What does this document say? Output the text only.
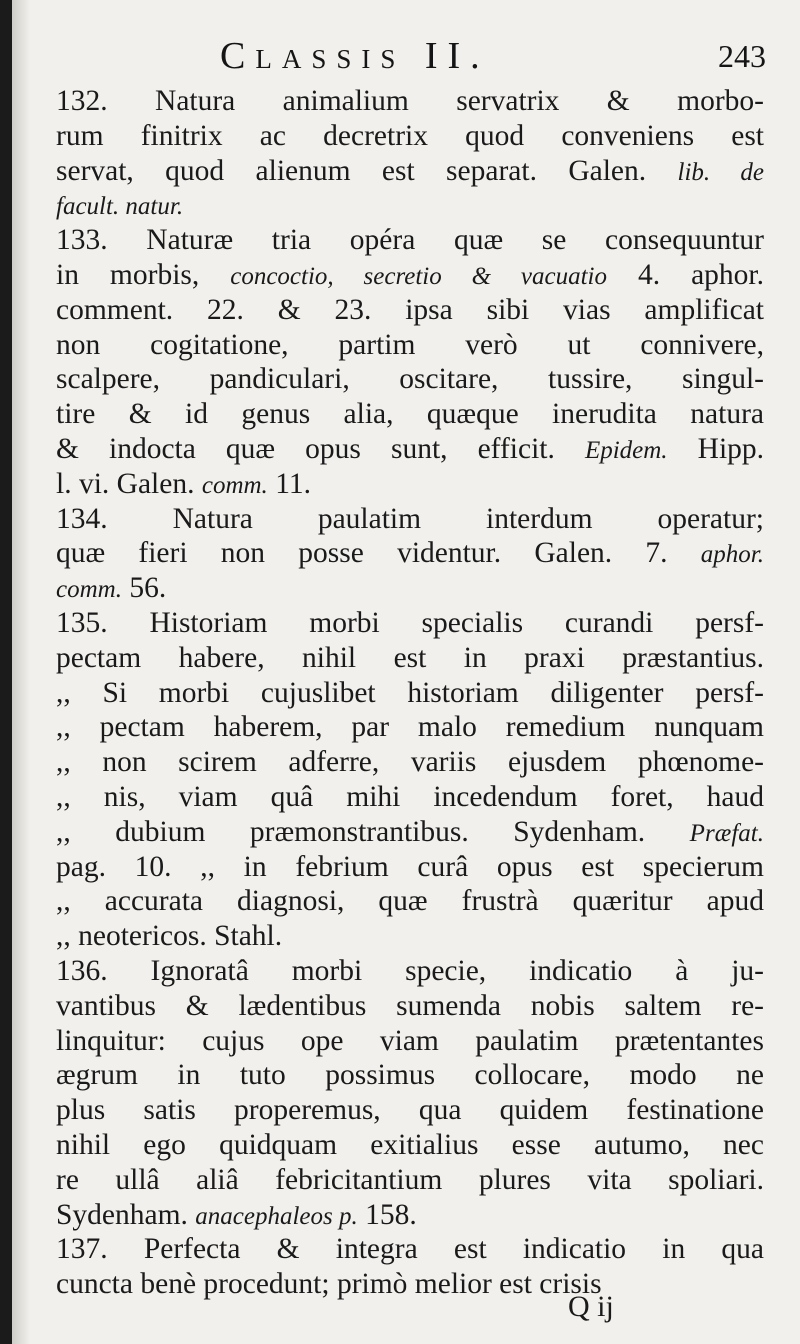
Classis II.	243
132. Natura animalium servatrix & morbo-
rum finitrix ac decretrix quod conveniens est
servat, quod alienum est separat. Galen. lib. de
facult. natur.
133. Naturæ tria opéra quæ se consequuntur
in morbis, concoctio, secretio & vacuatio 4. aphor.
comment. 22. & 23. ipsa sibi vias amplificat
non cogitatione, partim verò ut connivere,
scalpere, pandiculari, oscitare, tussire, singul-
tire & id genus alia, quæque inerudita natura
& indocta quæ opus sunt, efficit. Epidem. Hipp.
l. vi. Galen. comm. 11.
134. Natura paulatim interdum operatur;
quæ fieri non posse videntur. Galen. 7. aphor.
comm. 56.
135. Historiam morbi specialis curandi persf-
pectam habere, nihil est in praxi præstantius.
,, Si morbi cujuslibet historiam diligenter persf-
,, pectam haberem, par malo remedium nunquam
,, non scirem adferre, variis ejusdem phœnome-
,, nis, viam quâ mihi incedendum foret, haud
,, dubium præmonstrantibus. Sydenham. Præfat.
pag. 10. ,, in febrium curâ opus est specierum
,, accurata diagnosi, quæ frustrà quæritur apud
,, neotericos. Stahl.
136. Ignoratâ morbi specie, indicatio à ju-
vantibus & lædentibus sumenda nobis saltem re-
linquitur: cujus ope viam paulatim prætentantes
ægrum in tuto possimus collocare, modo ne
plus satis properemus, qua quidem festinatione
nihil ego quidquam exitialius esse autumo, nec
re ullâ aliâ febricitantium plures vita spoliari.
Sydenham. anacephaleos p. 158.
137. Perfecta & integra est indicatio in qua
cuncta benè procedunt; primò melior est crisis
Q ij
